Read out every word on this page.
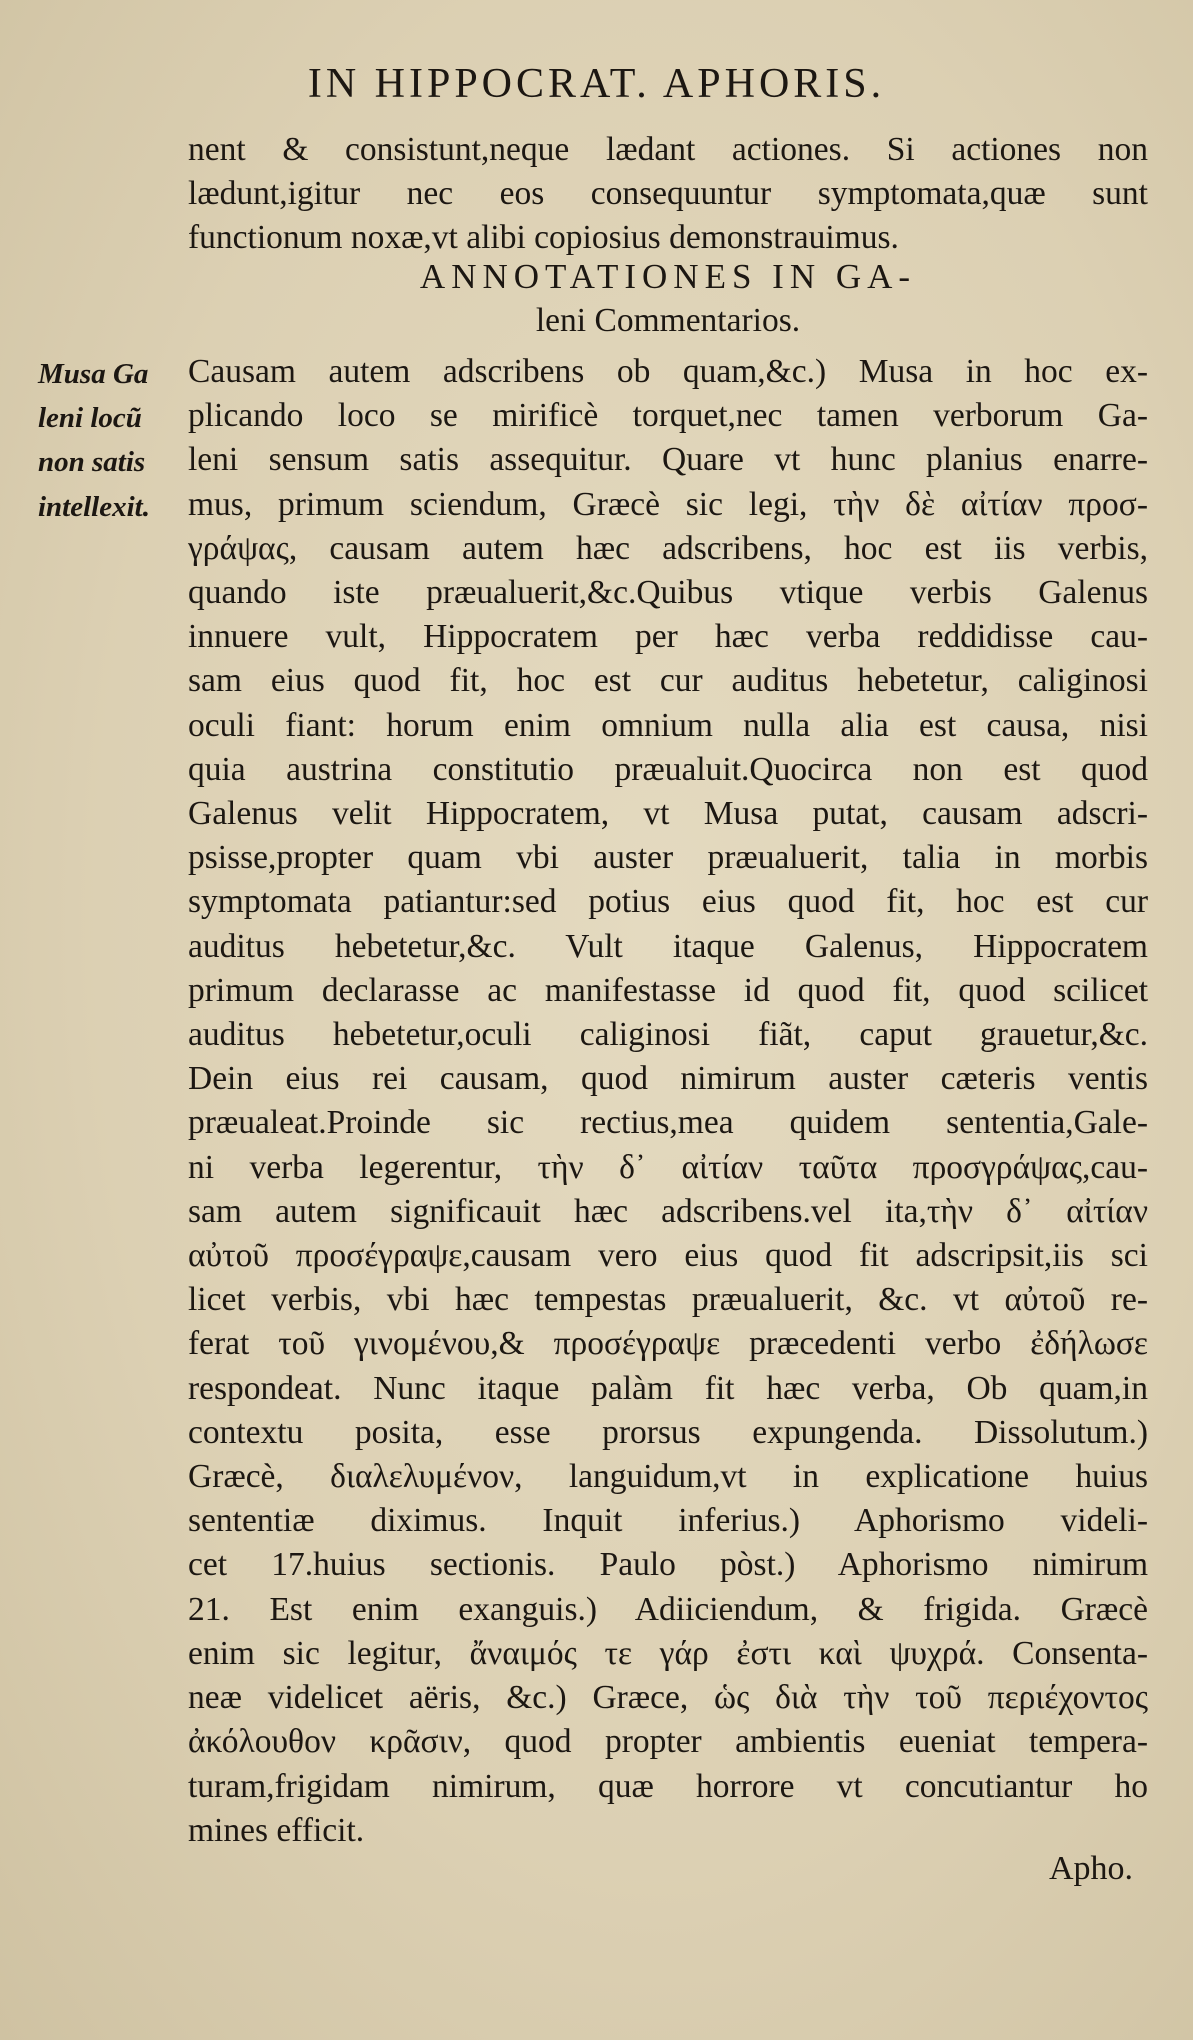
IN HIPPOCRAT. APHORIS.
nent & consistunt,neque lædant actiones. Si actiones non
lædunt,igitur nec eos consequuntur symptomata,quæ sunt
functionum noxæ,vt alibi copiosius demonstrauimus.
ANNOTATIONES IN GA-
leni Commentarios.
Musa Ga
leni locũ
non satis
intellexit.
Causam autem adscribens ob quam,&c.) Musa in hoc ex-
plicando loco se mirificè torquet,nec tamen verborum Ga-
leni sensum satis assequitur. Quare vt hunc planius enarre-
mus, primum sciendum, Græcè sic legi, τὴν δὲ αἰτίαν προσ-
γράψας, causam autem hæc adscribens, hoc est iis verbis,
quando iste præualuerit,&c.Quibus vtique verbis Galenus
innuere vult, Hippocratem per hæc verba reddidisse cau-
sam eius quod fit, hoc est cur auditus hebetetur, caliginosi
oculi fiant: horum enim omnium nulla alia est causa, nisi
quia austrina constitutio præualuit.Quocirca non est quod
Galenus velit Hippocratem, vt Musa putat, causam adscri-
psisse,propter quam vbi auster præualuerit, talia in morbis
symptomata patiantur:sed potius eius quod fit, hoc est cur
auditus hebetetur,&c. Vult itaque Galenus, Hippocratem
primum declarasse ac manifestasse id quod fit, quod scilicet
auditus hebetetur,oculi caliginosi fiãt, caput grauetur,&c.
Dein eius rei causam, quod nimirum auster cæteris ventis
præualeat.Proinde sic rectius,mea quidem sententia,Gale-
ni verba legerentur, τὴν δ᾽ αἰτίαν ταῦτα προσγράψας,cau-
sam autem significauit hæc adscribens.vel ita,τὴν δ᾽ αἰτίαν
αὐτοῦ προσέγραψε,causam vero eius quod fit adscripsit,iis sci
licet verbis, vbi hæc tempestas præualuerit, &c. vt αὐτοῦ re-
ferat τοῦ γινομένου,& προσέγραψε præcedenti verbo ἐδήλωσε
respondeat. Nunc itaque palàm fit hæc verba, Ob quam,in
contextu posita, esse prorsus expungenda. Dissolutum.)
Græcè, διαλελυμένον, languidum,vt in explicatione huius
sententiæ diximus. Inquit inferius.) Aphorismo videli-
cet 17.huius sectionis. Paulo pòst.) Aphorismo nimirum
21. Est enim exanguis.) Adiiciendum, & frigida. Græcè
enim sic legitur, ἄναιμός τε γάρ ἐστι καὶ ψυχρά. Consenta-
neæ videlicet aëris, &c.) Græce, ὡς διὰ τὴν τοῦ περιέχοντος
ἀκόλουθον κρᾶσιν, quod propter ambientis eueniat tempera-
turam,frigidam nimirum, quæ horrore vt concutiantur ho
mines efficit.
Apho.
